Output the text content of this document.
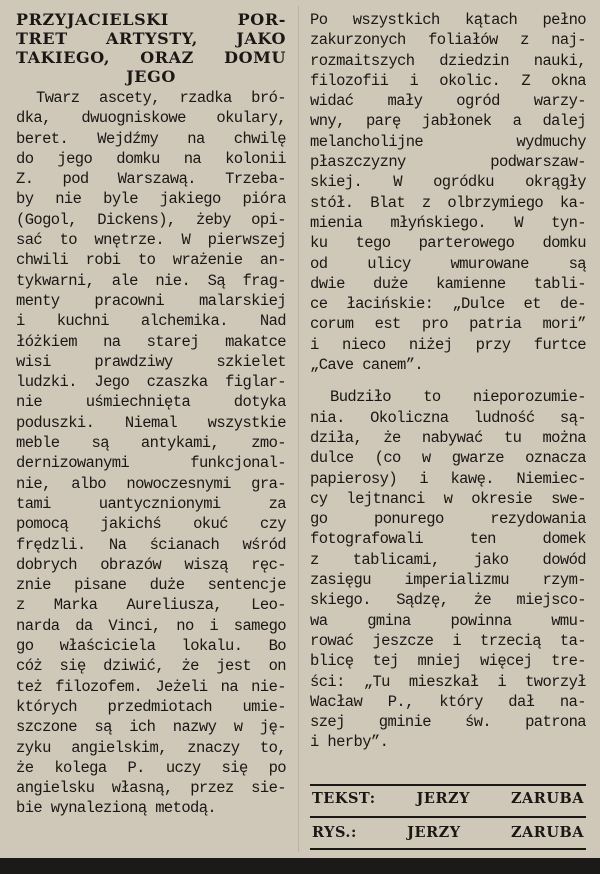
PRZYJACIELSKI POR-
TRET ARTYSTY, JAKO
TAKIEGO, ORAZ DOMU
JEGO
Twarz ascety, rzadka bró-
dka, dwuogniskowe okulary,
beret. Wejdźmy na chwilę
do jego domku na kolonii
Z. pod Warszawą. Trzeba-
by nie byle jakiego pióra
(Gogol, Dickens), żeby opi-
sać to wnętrze. W pierwszej
chwili robi to wrażenie an-
tykwarni, ale nie. Są frag-
menty pracowni malarskiej
i kuchni alchemika. Nad
łóżkiem na starej makatce
wisi prawdziwy szkielet
ludzki. Jego czaszka figlar-
nie uśmiechnięta dotyka
poduszki. Niemal wszystkie
meble są antykami, zmo-
dernizowanymi funkcjonal-
nie, albo nowoczesnymi gra-
tami uantycznionymi za
pomocą jakichś okuć czy
frędzli. Na ścianach wśród
dobrych obrazów wiszą ręc-
znie pisane duże sentencje
z Marka Aureliusza, Leo-
narda da Vinci, no i samego
go właściciela lokalu. Bo
cóż się dziwić, że jest on
też filozofem. Jeżeli na nie-
których przedmiotach umie-
szczone są ich nazwy w ję-
zyku angielskim, znaczy to,
że kolega P. uczy się po
angielsku własną, przez sie-
bie wynalezioną metodą.
Po wszystkich kątach pełno
zakurzonych foliałów z naj-
rozmaitszych dziedzin nauki,
filozofii i okolic. Z okna
widać mały ogród warzy-
wny, parę jabłonek a dalej
melancholijne wydmuchy
płaszczyzny podwarszaw-
skiej. W ogródku okrągły
stół. Blat z olbrzymiego ka-
mienia młyńskiego. W tyn-
ku tego parterowego domku
od ulicy wmurowane są
dwie duże kamienne tabli-
ce łacińskie: „Dulce et de-
corum est pro patria mori”
i nieco niżej przy furtce
„Cave canem”.
Budziło to nieporozumie-
nia. Okoliczna ludność są-
dziła, że nabywać tu można
dulce (co w gwarze oznacza
papierosy) i kawę. Niemiec-
cy lejtnanci w okresie swe-
go ponurego rezydowania
fotografowali ten domek
z tablicami, jako dowód
zasięgu imperializmu rzym-
skiego. Sądzę, że miejsco-
wa gmina powinna wmu-
rować jeszcze i trzecią ta-
blicę tej mniej więcej tre-
ści: „Tu mieszkał i tworzył
Wacław P., który dał na-
szej gminie św. patrona
i herby”.
TEKST:	JERZY	ZARUBA
RYS.:	JERZY	ZARUBA
